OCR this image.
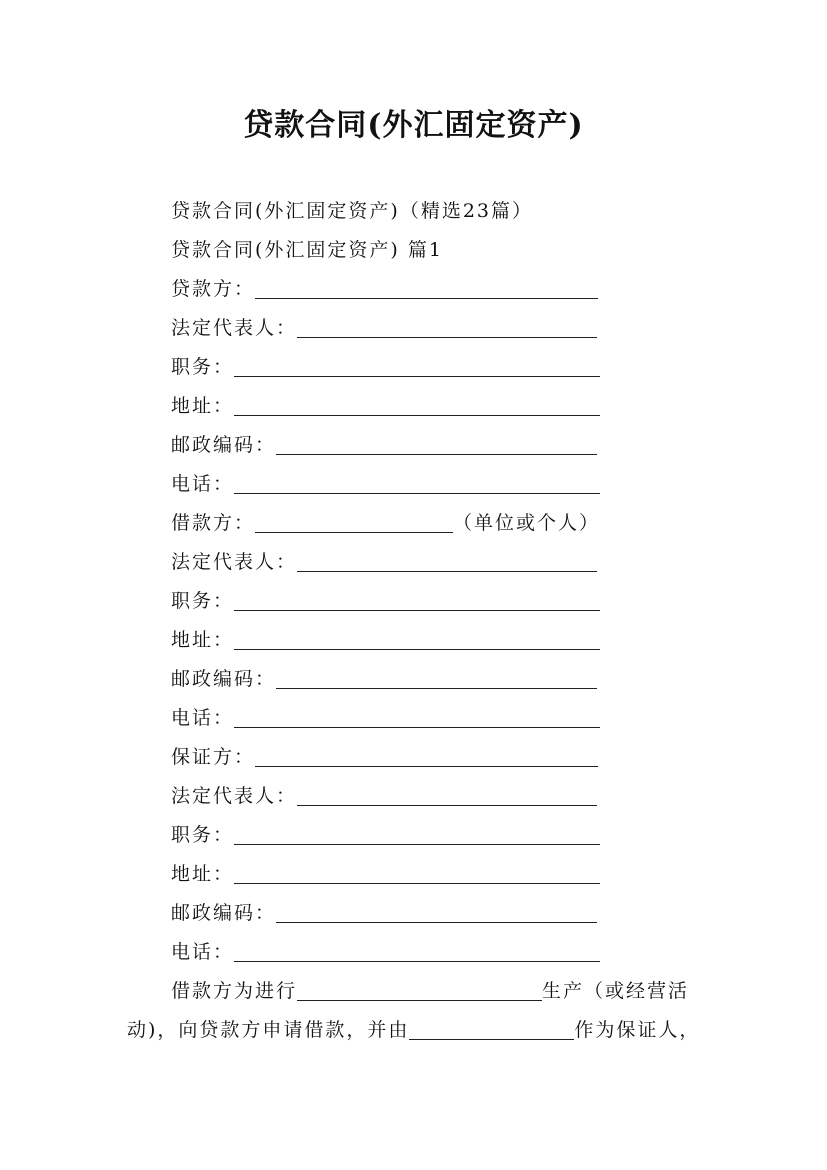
贷款合同(外汇固定资产)
贷款合同(外汇固定资产)（精选23篇）
贷款合同(外汇固定资产) 篇1
贷款方：
法定代表人：
职务：
地址：
邮政编码：
电话：
借款方：	（单位或个人）
法定代表人：
职务：
地址：
邮政编码：
电话：
保证方：
法定代表人：
职务：
地址：
邮政编码：
电话：
借款方为进行	生产（或经营活
动)，向贷款方申请借款，并由	作为保证人，
